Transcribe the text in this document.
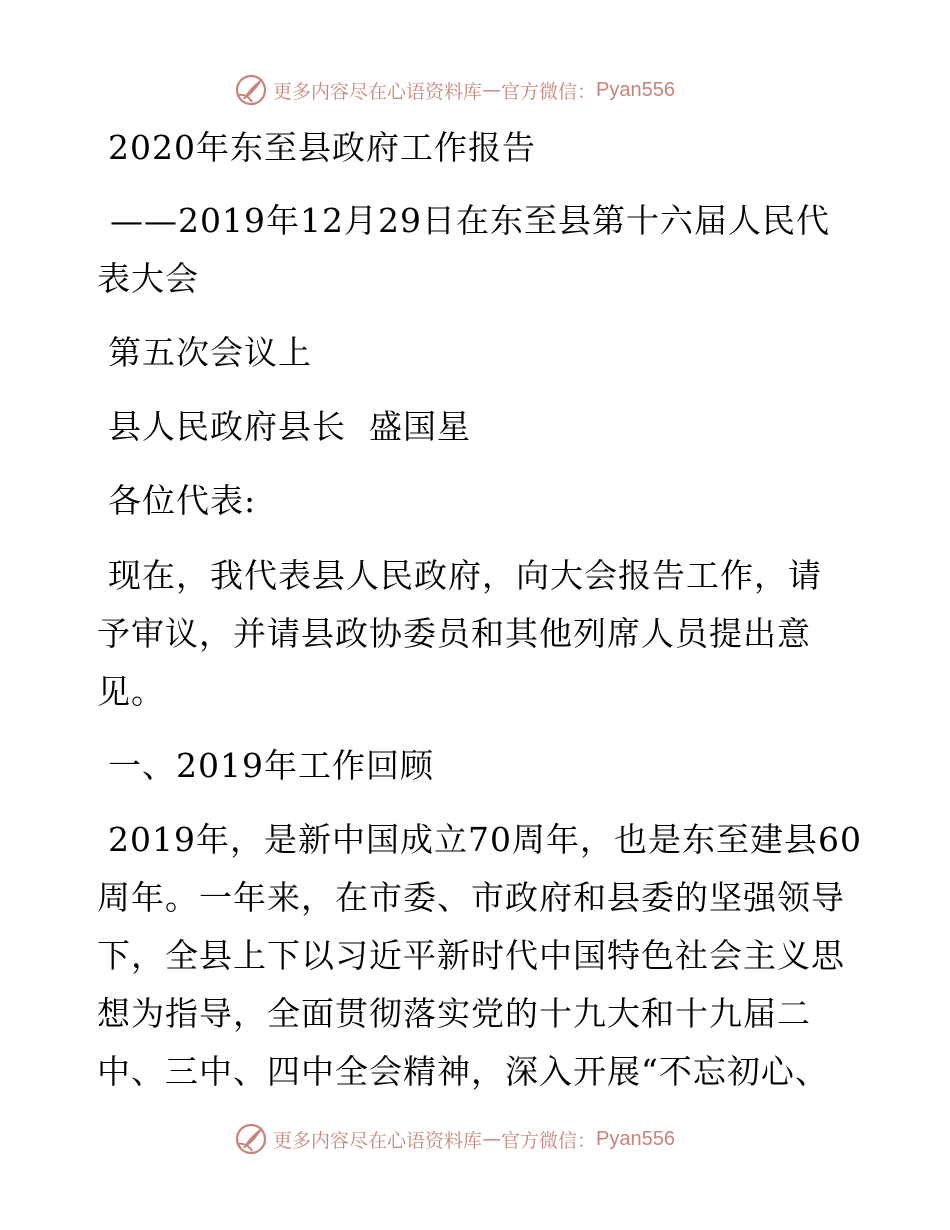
更多内容尽在心语资料库 — 官方微信： Pyan556
2020年东至县政府工作报告
——2019年12月29日在东至县第十六届人民代
表大会
第五次会议上
县人民政府县长  盛国星
各位代表:
现在，我代表县人民政府，向大会报告工作，请
予审议，并请县政协委员和其他列席人员提出意
见。
一、2019年工作回顾
2019年，是新中国成立70周年，也是东至建县60
周年。一年来，在市委、市政府和县委的坚强领导
下，全县上下以习近平新时代中国特色社会主义思
想为指导，全面贯彻落实党的十九大和十九届二
中、三中、四中全会精神，深入开展“不忘初心、
更多内容尽在心语资料库 — 官方微信： Pyan556
